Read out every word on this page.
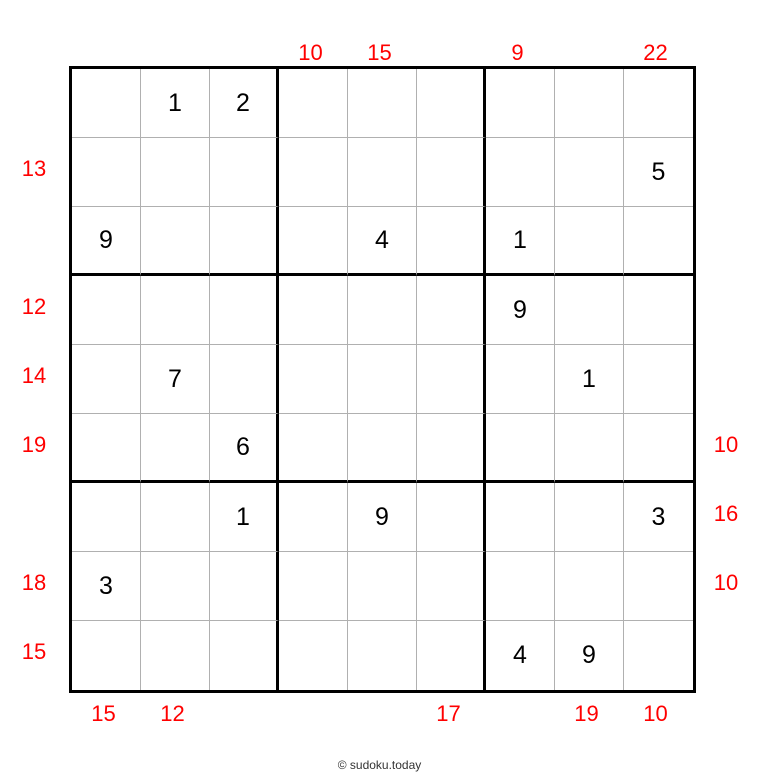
10	15	9	22
15	12	17	19	10
13
12
14
19
18
15
10
16
10
1	2
5
9	4	1
9
7	1
6
1	9	3
3
4	9
© sudoku.today
